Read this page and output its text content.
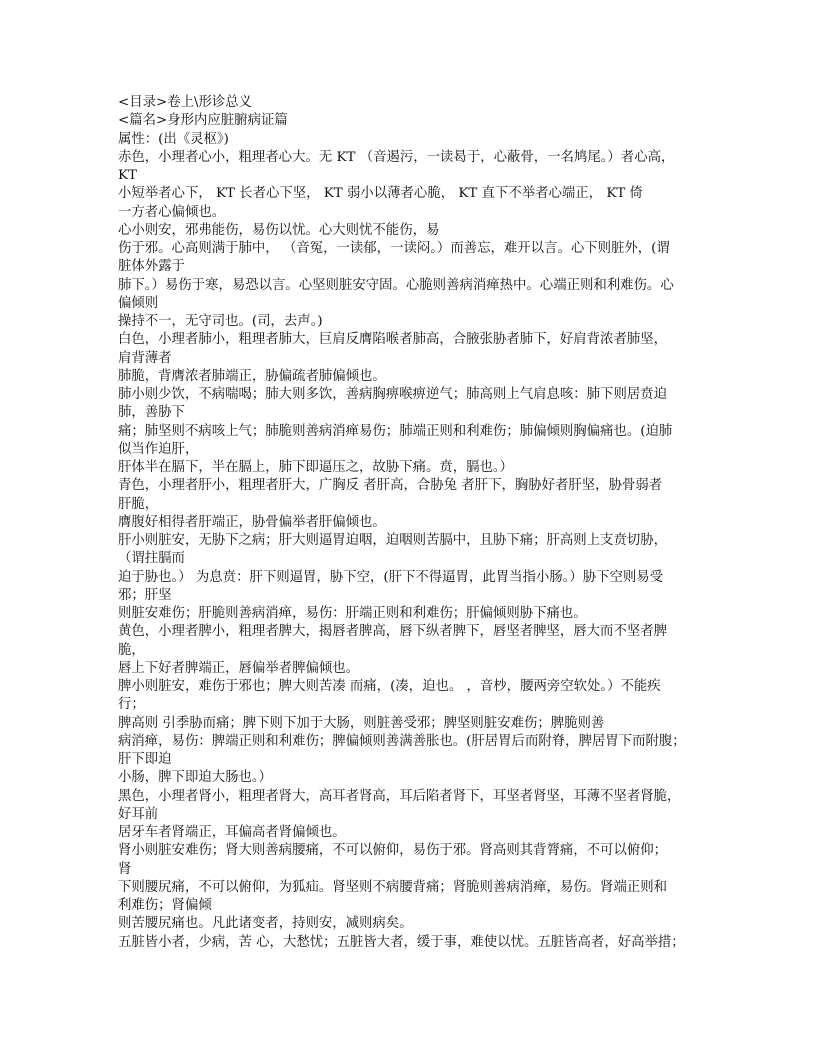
<目录>卷上\形诊总义
<篇名>身形内应脏腑病证篇
属性：(出《灵枢》)
赤色，小理者心小，粗理者心大。无 KT （音遏污，一读曷于，心蔽骨，一名鸠尾。）者心高，
KT
小短举者心下， KT 长者心下坚， KT 弱小以薄者心脆， KT 直下不举者心端正， KT 倚
一方者心偏倾也。
心小则安，邪弗能伤，易伤以忧。心大则忧不能伤，易
伤于邪。心高则满于肺中， （音冤，一读郁，一读闷。）而善忘，难开以言。心下则脏外，(谓
脏体外露于
肺下。）易伤于寒，易恐以言。心坚则脏安守固。心脆则善病消瘅热中。心端正则和利难伤。心
偏倾则
操持不一，无守司也。(司，去声。)
白色，小理者肺小，粗理者肺大，巨肩反膺陷喉者肺高，合腋张胁者肺下，好肩背浓者肺坚，
肩背薄者
肺脆，背膺浓者肺端正，胁偏疏者肺偏倾也。
肺小则少饮，不病喘喝；肺大则多饮，善病胸痹喉痹逆气；肺高则上气肩息咳：肺下则居贲迫
肺，善胁下
痛；肺坚则不病咳上气；肺脆则善病消瘅易伤；肺端正则和利难伤；肺偏倾则胸偏痛也。(迫肺
似当作迫肝，
肝体半在膈下，半在膈上，肺下即逼压之，故胁下痛。贲，膈也。）
青色，小理者肝小，粗理者肝大，广胸反 者肝高，合胁兔 者肝下，胸胁好者肝坚，胁骨弱者
肝脆，
膺腹好相得者肝端正，胁骨偏举者肝偏倾也。
肝小则脏安，无胁下之病；肝大则逼胃迫咽，迫咽则苦膈中，且胁下痛；肝高则上支贲切胁，
（谓拄膈而
迫于胁也。） 为息贲：肝下则逼胃，胁下空，(肝下不得逼胃，此胃当指小肠。）胁下空则易受
邪；肝坚
则脏安难伤；肝脆则善病消瘅，易伤：肝端正则和利难伤；肝偏倾则胁下痛也。
黄色，小理者脾小，粗理者脾大，揭唇者脾高，唇下纵者脾下，唇坚者脾坚，唇大而不坚者脾
脆，
唇上下好者脾端正，唇偏举者脾偏倾也。
脾小则脏安，难伤于邪也；脾大则苦凑 而痛，(凑，迫也。 ，音杪，腰两旁空软处。）不能疾
行；
脾高则 引季胁而痛；脾下则下加于大肠，则脏善受邪；脾坚则脏安难伤；脾脆则善
病消瘅，易伤：脾端正则和利难伤；脾偏倾则善满善胀也。(肝居胃后而附脊，脾居胃下而附腹；
肝下即迫
小肠，脾下即迫大肠也。）
黑色，小理者肾小，粗理者肾大，高耳者肾高，耳后陷者肾下，耳坚者肾坚，耳薄不坚者肾脆，
好耳前
居牙车者肾端正，耳偏高者肾偏倾也。
肾小则脏安难伤；肾大则善病腰痛，不可以俯仰，易伤于邪。肾高则其背膂痛，不可以俯仰；
肾
下则腰尻痛，不可以俯仰，为狐疝。肾坚则不病腰背痛；肾脆则善病消瘅，易伤。肾端正则和
利难伤；肾偏倾
则苦腰尻痛也。凡此诸变者，持则安，减则病矣。
五脏皆小者，少病，苦 心，大愁忧；五脏皆大者，缓于事，难使以忧。五脏皆高者，好高举措；
